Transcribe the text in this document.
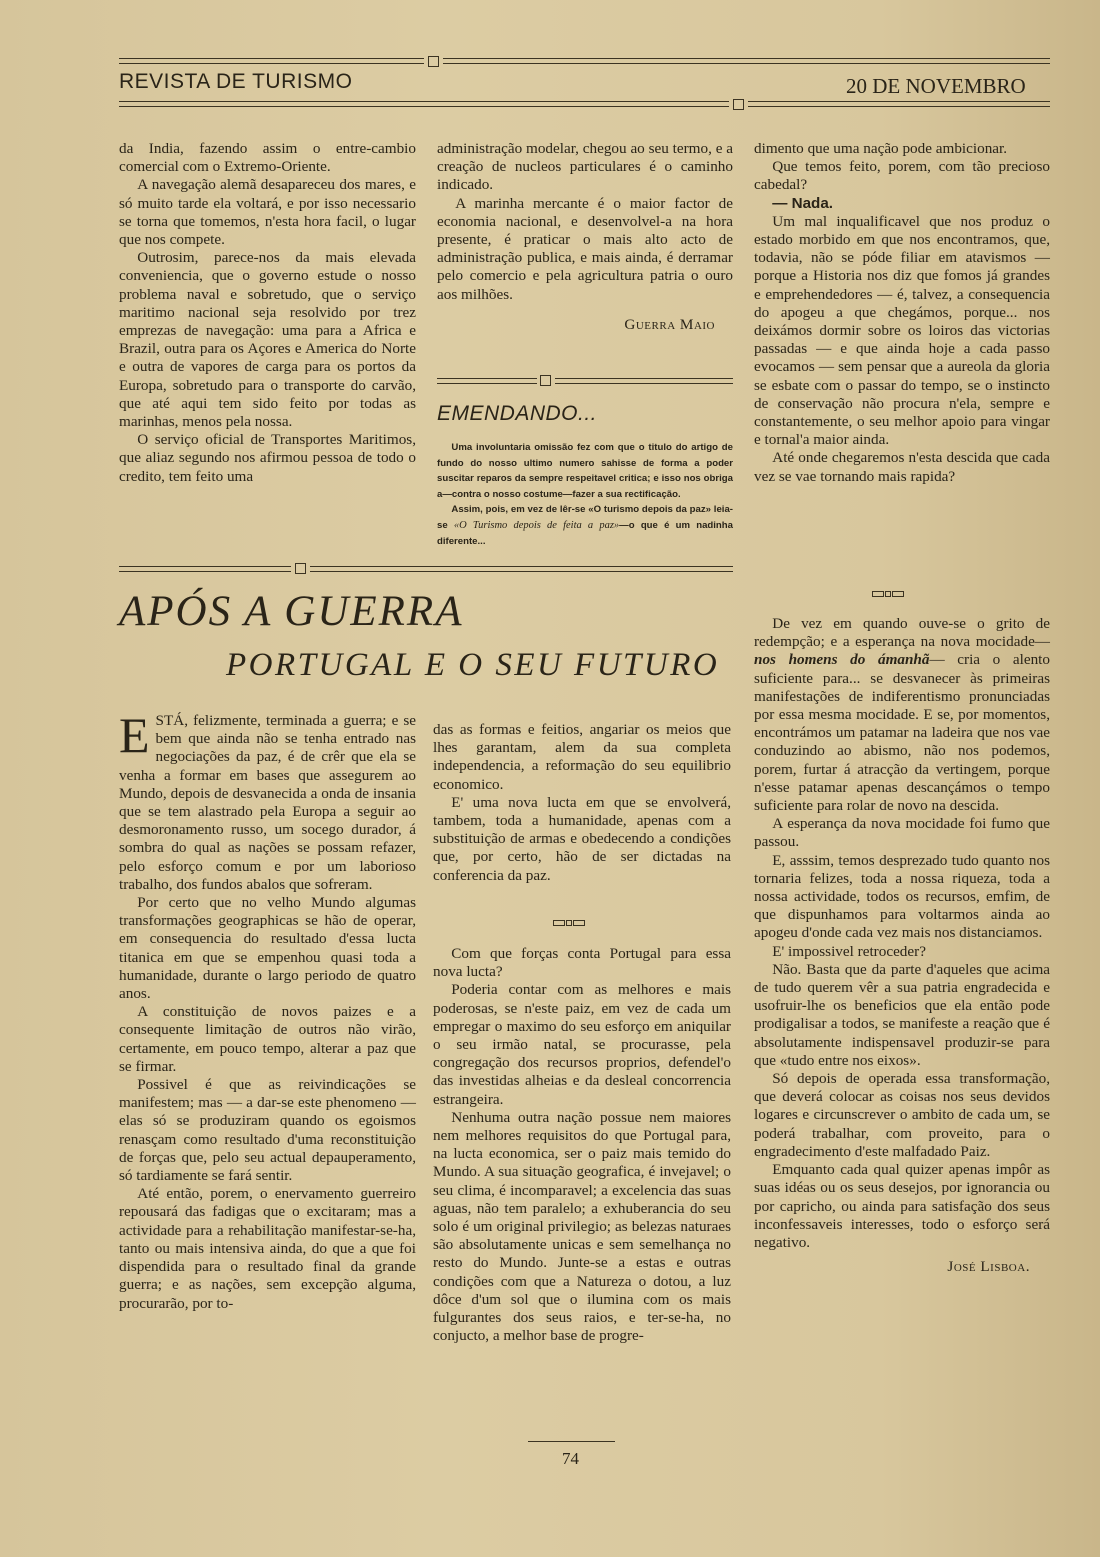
REVISTA DE TURISMO	20 DE NOVEMBRO

da India, fazendo assim o entre-cambio comercial com o Extremo-Oriente.

A navegação alemã desapareceu dos mares, e só muito tarde ela voltará, e por isso necessario se torna que tomemos, n'esta hora facil, o lugar que nos compete.

Outrosim, parece-nos da mais elevada conveniencia, que o governo estude o nosso problema naval e sobretudo, que o serviço maritimo nacional seja resolvido por trez emprezas de navegação: uma para a Africa e Brazil, outra para os Açores e America do Norte e outra de vapores de carga para os portos da Europa, sobretudo para o transporte do carvão, que até aqui tem sido feito por todas as marinhas, menos pela nossa.

O serviço oficial de Transportes Maritimos, que aliaz segundo nos afirmou pessoa de todo o credito, tem feito uma

administração modelar, chegou ao seu termo, e a creação de nucleos particulares é o caminho indicado.

A marinha mercante é o maior factor de economia nacional, e desenvolvel-a na hora presente, é praticar o mais alto acto de administração publica, e mais ainda, é derramar pelo comercio e pela agricultura patria o ouro aos milhões.

Guerra Maio

EMENDANDO...
Uma involuntaria omissão fez com que o titulo do artigo de fundo do nosso ultimo numero sahisse de forma a poder suscitar reparos da sempre respeitavel critica; e isso nos obriga a—contra o nosso costume—fazer a sua rectificação.
Assim, pois, em vez de lêr-se «O turismo depois da paz» leia-se «O Turismo depois de feita a paz»—o que é um nadinha diferente...

dimento que uma nação pode ambicionar.

Que temos feito, porem, com tão precioso cabedal?

— Nada.

Um mal inqualificavel que nos produz o estado morbido em que nos encontramos, que, todavia, não se póde filiar em atavismos — porque a Historia nos diz que fomos já grandes e emprehendedores — é, talvez, a consequencia do apogeu a que chegámos, porque... nos deixámos dormir sobre os loiros das victorias passadas — e que ainda hoje a cada passo evocamos — sem pensar que a aureola da gloria se esbate com o passar do tempo, se o instincto de conservação não procura n'ela, sempre e constantemente, o seu melhor apoio para vingar e tornal'a maior ainda.

Até onde chegaremos n'esta descida que cada vez se vae tornando mais rapida?

APÓS A GUERRA
PORTUGAL E O SEU FUTURO

ESTÁ, felizmente, terminada a guerra; e se bem que ainda não se tenha entrado nas negociações da paz, é de crêr que ela se venha a formar em bases que assegurem ao Mundo, depois de desvanecida a onda de insania que se tem alastrado pela Europa a seguir ao desmoronamento russo, um socego durador, á sombra do qual as nações se possam refazer, pelo esforço comum e por um laborioso trabalho, dos fundos abalos que sofreram.

Por certo que no velho Mundo algumas transformações geographicas se hão de operar, em consequencia do resultado d'essa lucta titanica em que se empenhou quasi toda a humanidade, durante o largo periodo de quatro anos.

A constituição de novos paizes e a consequente limitação de outros não virão, certamente, em pouco tempo, alterar a paz que se firmar.

Possivel é que as reivindicações se manifestem; mas — a dar-se este phenomeno — elas só se produziram quando os egoismos renasçam como resultado d'uma reconstituição de forças que, pelo seu actual depauperamento, só tardiamente se fará sentir.

Até então, porem, o enervamento guerreiro repousará das fadigas que o excitaram; mas a actividade para a rehabilitação manifestar-se-ha, tanto ou mais intensiva ainda, do que a que foi dispendida para o resultado final da grande guerra; e as nações, sem excepção alguma, procurarão, por to-

das as formas e feitios, angariar os meios que lhes garantam, alem da sua completa independencia, a reformação do seu equilibrio economico.

E' uma nova lucta em que se envolverá, tambem, toda a humanidade, apenas com a substituição de armas e obedecendo a condições que, por certo, hão de ser dictadas na conferencia da paz.

Com que forças conta Portugal para essa nova lucta?

Poderia contar com as melhores e mais poderosas, se n'este paiz, em vez de cada um empregar o maximo do seu esforço em aniquilar o seu irmão natal, se procurasse, pela congregação dos recursos proprios, defendel'o das investidas alheias e da desleal concorrencia estrangeira.

Nenhuma outra nação possue nem maiores nem melhores requisitos do que Portugal para, na lucta economica, ser o paiz mais temido do Mundo. A sua situação geografica, é invejavel; o seu clima, é incomparavel; a excelencia das suas aguas, não tem paralelo; a exhuberancia do seu solo é um original privilegio; as belezas naturaes são absolutamente unicas e sem semelhança no resto do Mundo. Junte-se a estas e outras condições com que a Natureza o dotou, a luz dôce d'um sol que o ilumina com os mais fulgurantes dos seus raios, e ter-se-ha, no conjucto, a melhor base de progre-

De vez em quando ouve-se o grito de redempção; e a esperança na nova mocidade—nos homens do ámanhã— cria o alento suficiente para... se desvanecer às primeiras manifestações de indiferentismo pronunciadas por essa mesma mocidade. E se, por momentos, encontrámos um patamar na ladeira que nos vae conduzindo ao abismo, não nos podemos, porem, furtar á atracção da vertingem, porque n'esse patamar apenas descançámos o tempo suficiente para rolar de novo na descida.

A esperança da nova mocidade foi fumo que passou.

E, asssim, temos desprezado tudo quanto nos tornaria felizes, toda a nossa riqueza, toda a nossa actividade, todos os recursos, emfim, de que dispunhamos para voltarmos ainda ao apogeu d'onde cada vez mais nos distanciamos.

E' impossivel retroceder?

Não. Basta que da parte d'aqueles que acima de tudo querem vêr a sua patria engradecida e usofruir-lhe os beneficios que ela então pode prodigalisar a todos, se manifeste a reação que é absolutamente indispensavel produzir-se para que «tudo entre nos eixos».

Só depois de operada essa transformação, que deverá colocar as coisas nos seus devidos logares e circunscrever o ambito de cada um, se poderá trabalhar, com proveito, para o engradecimento d'este malfadado Paiz.

Emquanto cada qual quizer apenas impôr as suas idéas ou os seus desejos, por ignorancia ou por capricho, ou ainda para satisfação dos seus inconfessaveis interesses, todo o esforço será negativo.

José Lisboa.

74
